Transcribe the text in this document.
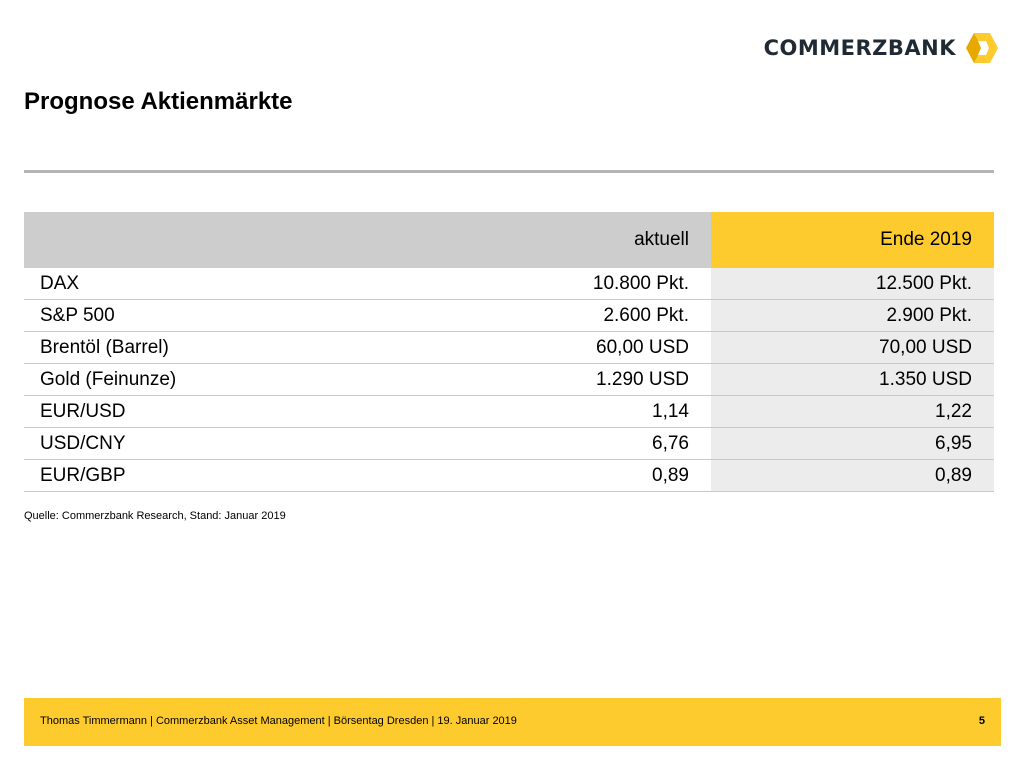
COMMERZBANK
Prognose Aktienmärkte
	aktuell	Ende 2019
DAX	10.800 Pkt.	12.500 Pkt.
S&P 500	2.600 Pkt.	2.900 Pkt.
Brentöl (Barrel)	60,00 USD	70,00 USD
Gold (Feinunze)	1.290 USD	1.350 USD
EUR/USD	1,14	1,22
USD/CNY	6,76	6,95
EUR/GBP	0,89	0,89
Quelle: Commerzbank Research, Stand: Januar 2019
Thomas Timmermann | Commerzbank Asset Management | Börsentag Dresden | 19. Januar 2019	5
